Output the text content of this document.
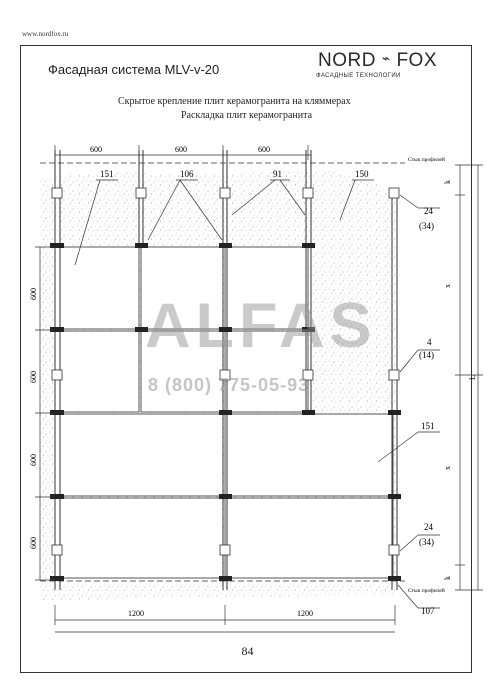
www.nordfox.ru
Фасадная система MLV-v-20	NORD ⌁ FOX
ФАСАДНЫЕ ТЕХНОЛОГИИ
Скрытое крепление плит керамогранита на кляммерах
Раскладка плит керамогранита
600	600	600
600
600
600
600
1200	1200
k
x
L
x
k
151	106	91	150
24
(34)
4
(14)
151
24
(34)
107
Стык профилей
Стык профилей
ALFAS
8 (800) 775-05-93
84
